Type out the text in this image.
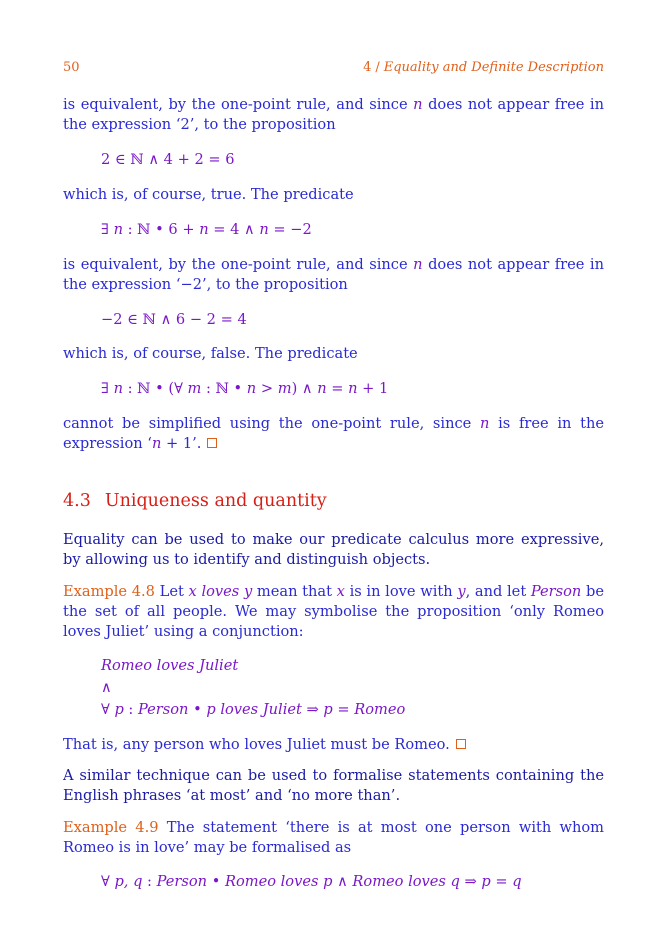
50	4 / Equality and Definite Description

is equivalent, by the one-point rule, and since n does not appear free in the expression ‘2’, to the proposition

2 ∈ ℕ ∧ 4 + 2 = 6

which is, of course, true. The predicate

∃ n : ℕ • 6 + n = 4 ∧ n = −2

is equivalent, by the one-point rule, and since n does not appear free in the expression ‘−2’, to the proposition

−2 ∈ ℕ ∧ 6 − 2 = 4

which is, of course, false. The predicate

∃ n : ℕ • (∀ m : ℕ • n > m) ∧ n = n + 1

cannot be simplified using the one-point rule, since n is free in the expression ‘n + 1’.

4.3 Uniqueness and quantity

Equality can be used to make our predicate calculus more expressive, by allowing us to identify and distinguish objects.

Example 4.8 Let x loves y mean that x is in love with y, and let Person be the set of all people. We may symbolise the proposition ‘only Romeo loves Juliet’ using a conjunction:

Romeo loves Juliet
∧
∀ p : Person • p loves Juliet ⇒ p = Romeo

That is, any person who loves Juliet must be Romeo.

A similar technique can be used to formalise statements containing the English phrases ‘at most’ and ‘no more than’.

Example 4.9 The statement ‘there is at most one person with whom Romeo is in love’ may be formalised as

∀ p, q : Person • Romeo loves p ∧ Romeo loves q ⇒ p = q
